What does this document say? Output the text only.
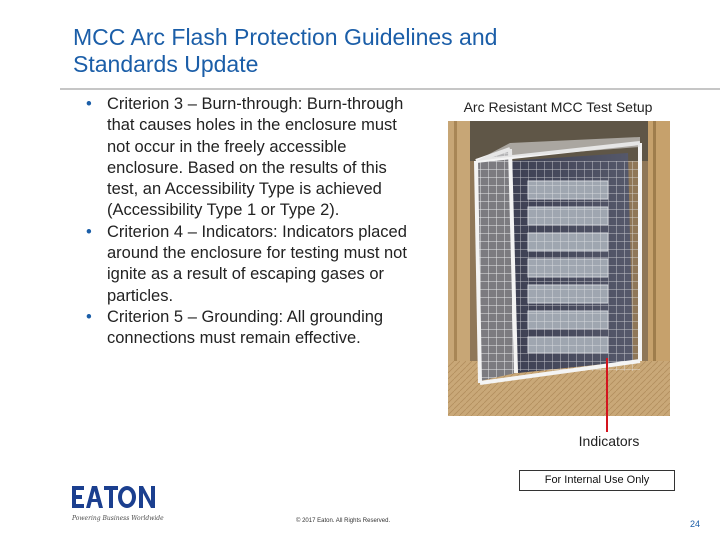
MCC Arc Flash Protection Guidelines and
Standards Update
• Criterion 3 – Burn-through: Burn-through that causes holes in the enclosure must not occur in the freely accessible enclosure. Based on the results of this test, an Accessibility Type is achieved (Accessibility Type 1 or Type 2).
• Criterion 4 – Indicators: Indicators placed around the enclosure for testing must not ignite as a result of escaping gases or particles.
• Criterion 5 – Grounding: All grounding connections must remain effective.
Arc Resistant MCC Test Setup
Indicators
For Internal Use Only
Powering Business Worldwide	© 2017 Eaton. All Rights Reserved.	24
